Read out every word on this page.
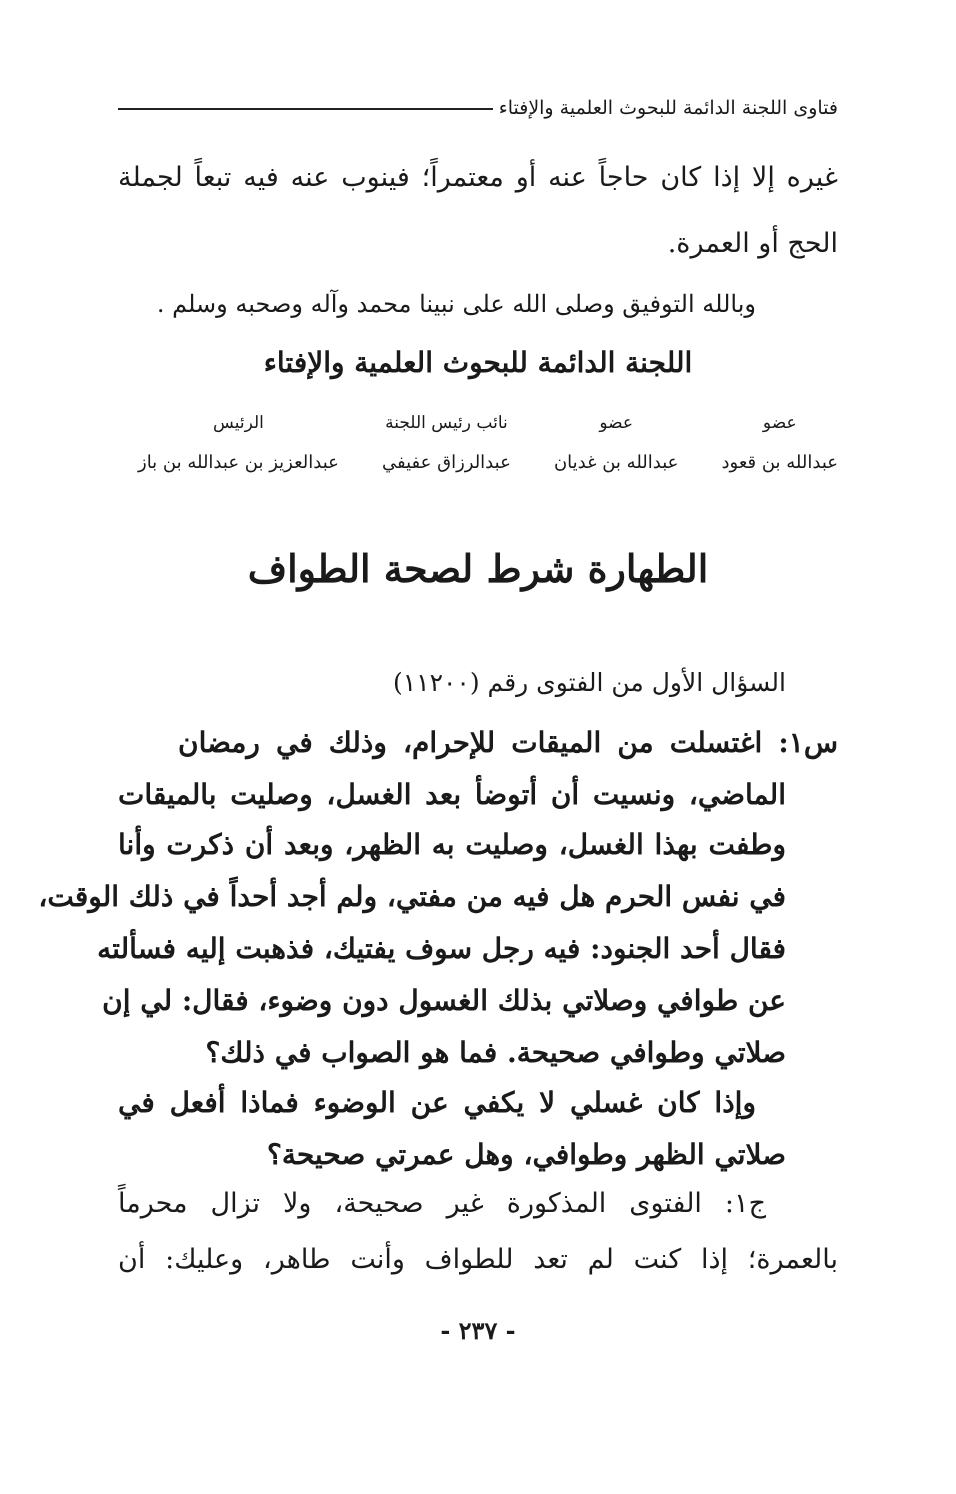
فتاوى اللجنة الدائمة للبحوث العلمية والإفتاء
غيره إلا إذا كان حاجاً عنه أو معتمراً؛ فينوب عنه فيه تبعاً لجملة
الحج أو العمرة.
وبالله التوفيق وصلى الله على نبينا محمد وآله وصحبه وسلم .
اللجنة الدائمة للبحوث العلمية والإفتاء
عضو
عبدالله بن قعود
عضو
عبدالله بن غديان
نائب رئيس اللجنة
عبدالرزاق عفيفي
الرئيس
عبدالعزيز بن عبدالله بن باز
الطهارة شرط لصحة الطواف
السؤال الأول من الفتوى رقم (١١٢٠٠)
س١: اغتسلت من الميقات للإحرام، وذلك في رمضان
الماضي، ونسيت أن أتوضأ بعد الغسل، وصليت بالميقات
وطفت بهذا الغسل، وصليت به الظهر، وبعد أن ذكرت وأنا
في نفس الحرم هل فيه من مفتي، ولم أجد أحداً في ذلك الوقت،
فقال أحد الجنود: فيه رجل سوف يفتيك، فذهبت إليه فسألته
عن طوافي وصلاتي بذلك الغسول دون وضوء، فقال: لي إن
صلاتي وطوافي صحيحة. فما هو الصواب في ذلك؟
وإذا كان غسلي لا يكفي عن الوضوء فماذا أفعل في
صلاتي الظهر وطوافي، وهل عمرتي صحيحة؟
ج١: الفتوى المذكورة غير صحيحة، ولا تزال محرماً
بالعمرة؛ إذا كنت لم تعد للطواف وأنت طاهر، وعليك: أن
- ٢٣٧ -
